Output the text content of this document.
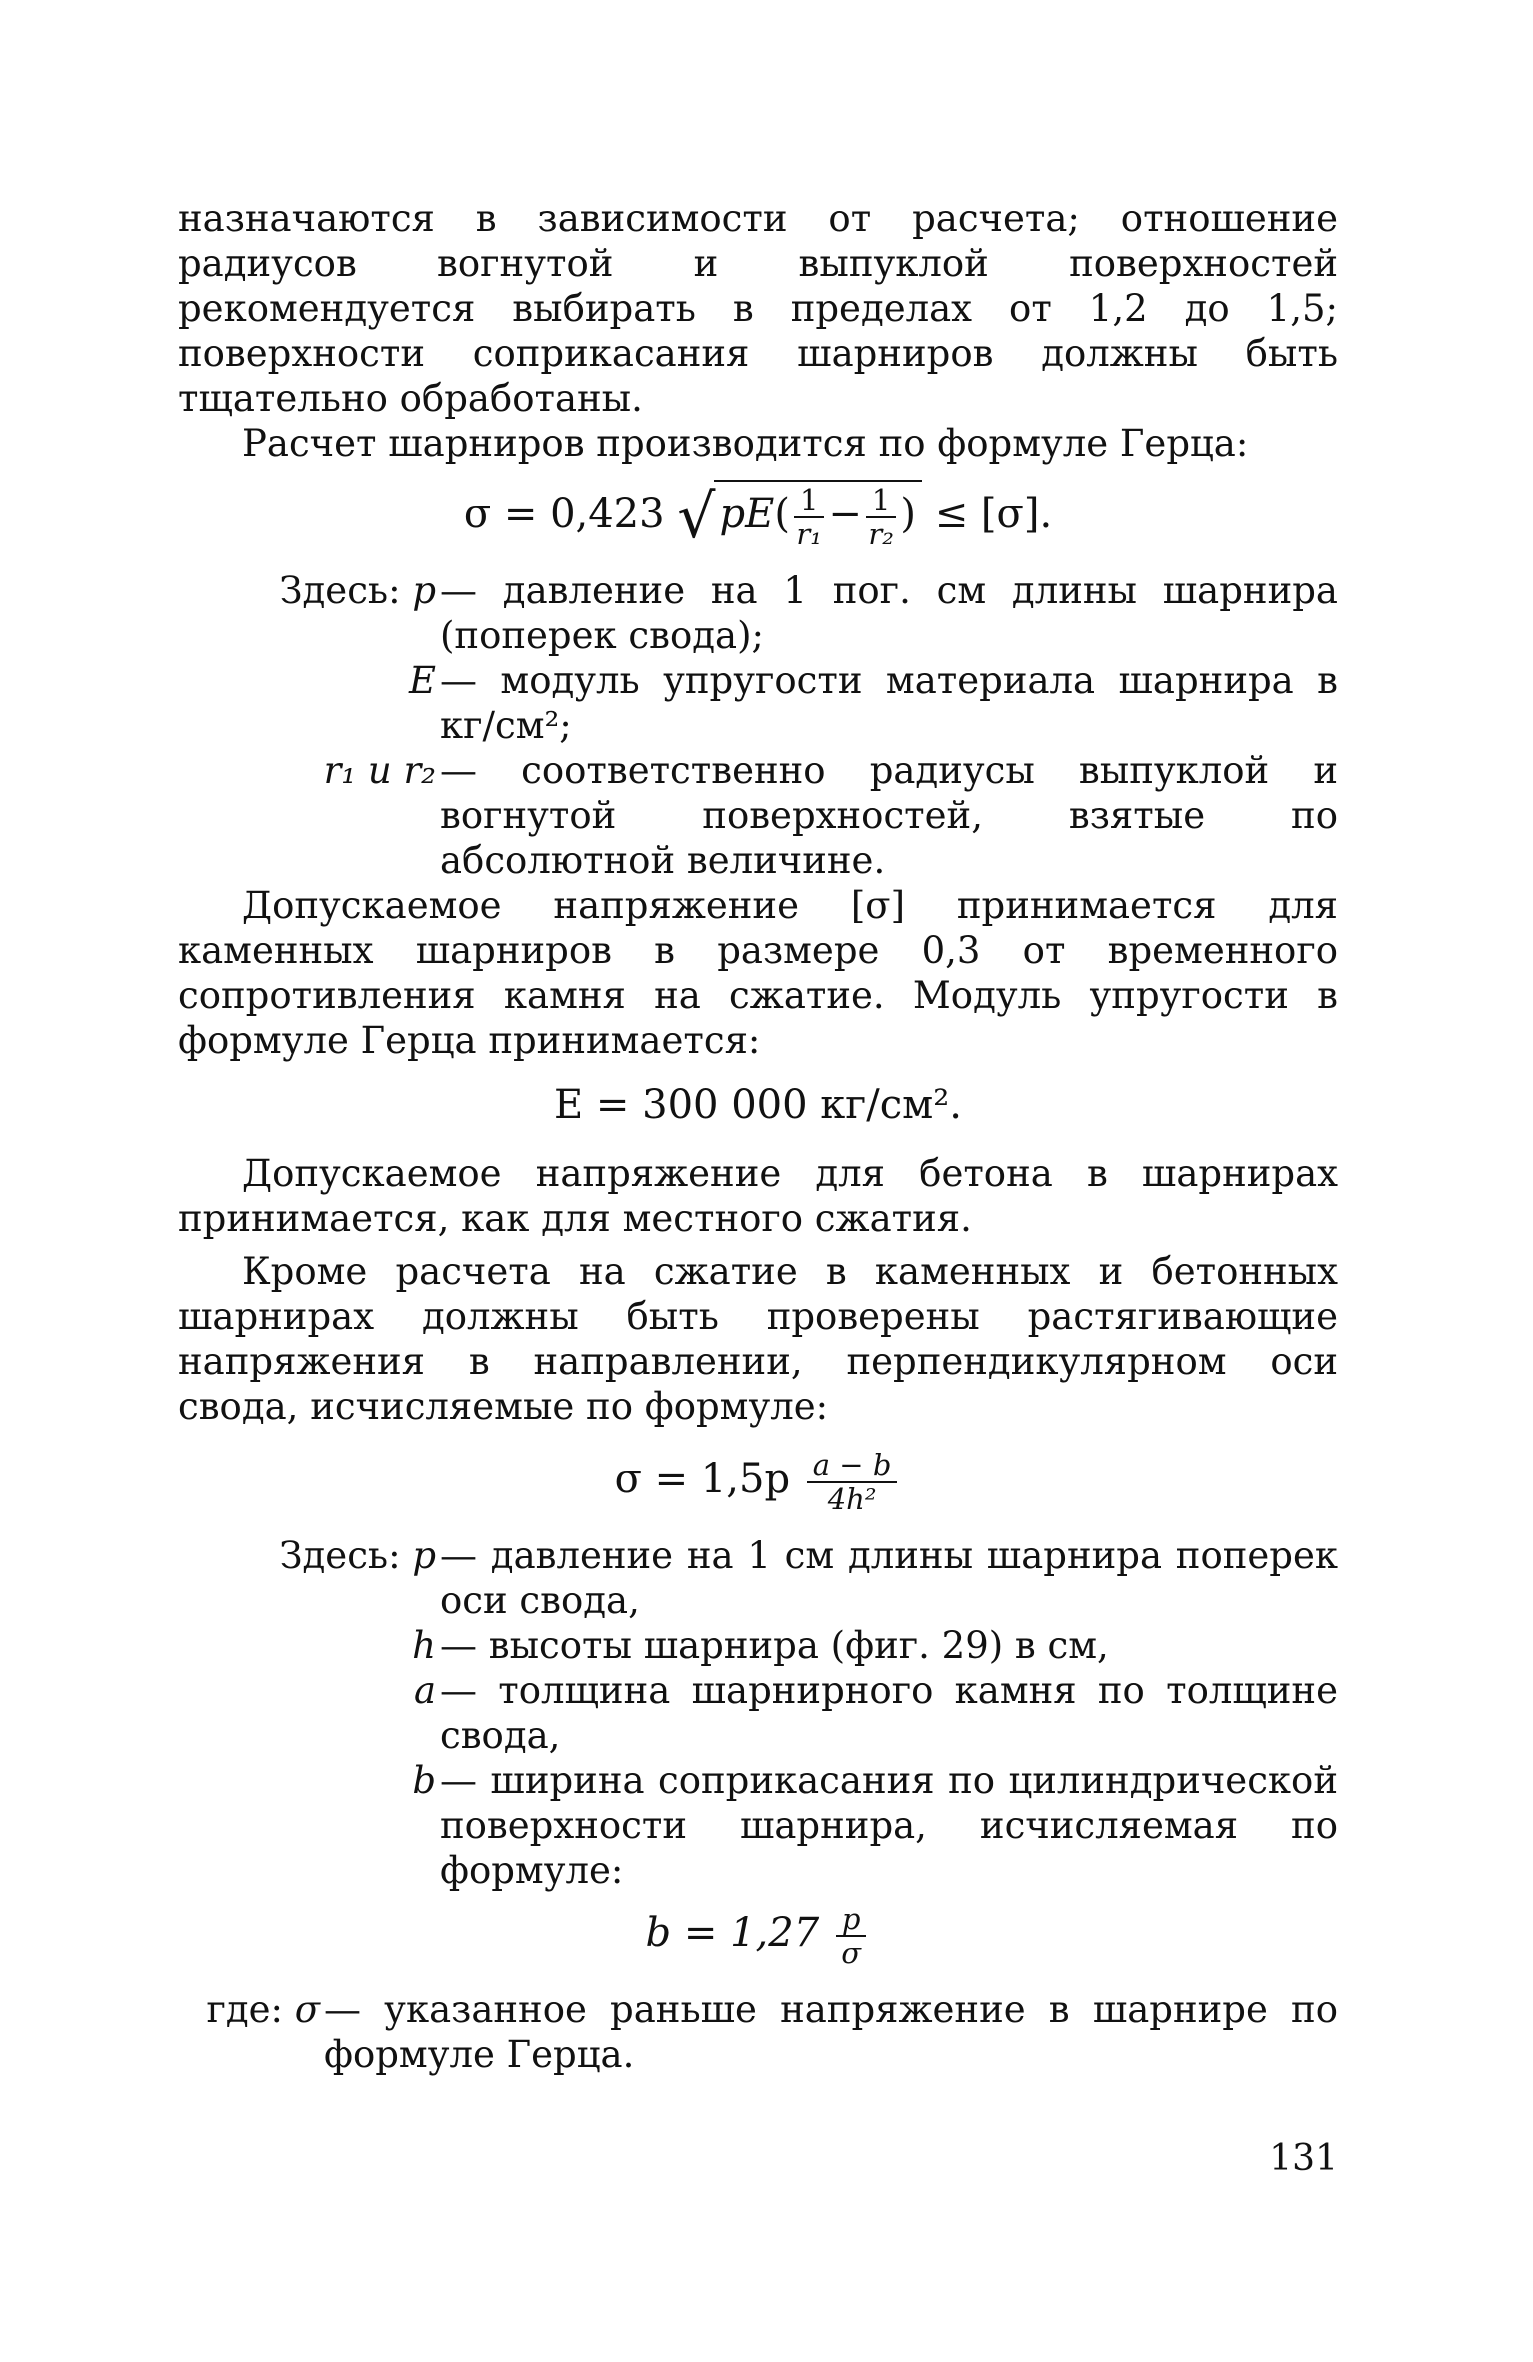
назначаются в зависимости от расчета; отношение радиусов вогнутой и выпуклой поверхностей рекомендуется выбирать в пределах от 1,2 до 1,5; поверхности соприкасания шарниров должны быть тщательно обработаны.

Расчет шарниров производится по формуле Герца:

σ = 0,423 √ $pE( \frac{1}{\text{r₁}} - \frac{1}{\text{r₂}}$ ) ≤ [σ].
Здесь: p — давление на 1 пог. см длины шарнира (поперек свода);
E — модуль упругости материала шарнира в кг/см²;
r₁ и r₂ — соответственно радиусы выпуклой и вогнутой поверхностей, взятые по абсолютной величине.

Допускаемое напряжение [σ] принимается для каменных шарниров в размере 0,3 от временного сопротивления камня на сжатие. Модуль упругости в формуле Герца принимается:

E = 300 000 кг/см².

Допускаемое напряжение для бетона в шарнирах принимается, как для местного сжатия.

Кроме расчета на сжатие в каменных и бетонных шарнирах должны быть проверены растягивающие напряжения в направлении, перпендикулярном оси свода, исчисляемые по формуле:

$\sigma = 1,5p \frac{a - b}{\text{4h²}}$
Здесь: p — давление на 1 см длины шарнира поперек оси свода,
h — высоты шарнира (фиг. 29) в см,
a — толщина шарнирного камня по толщине свода,
b — ширина соприкасания по цилиндрической поверхности шарнира, исчисляемая по формуле:
$b = 1,27 \frac{p}{\sigma}$
где: σ — указанное раньше напряжение в шарнире по формуле Герца.
131
